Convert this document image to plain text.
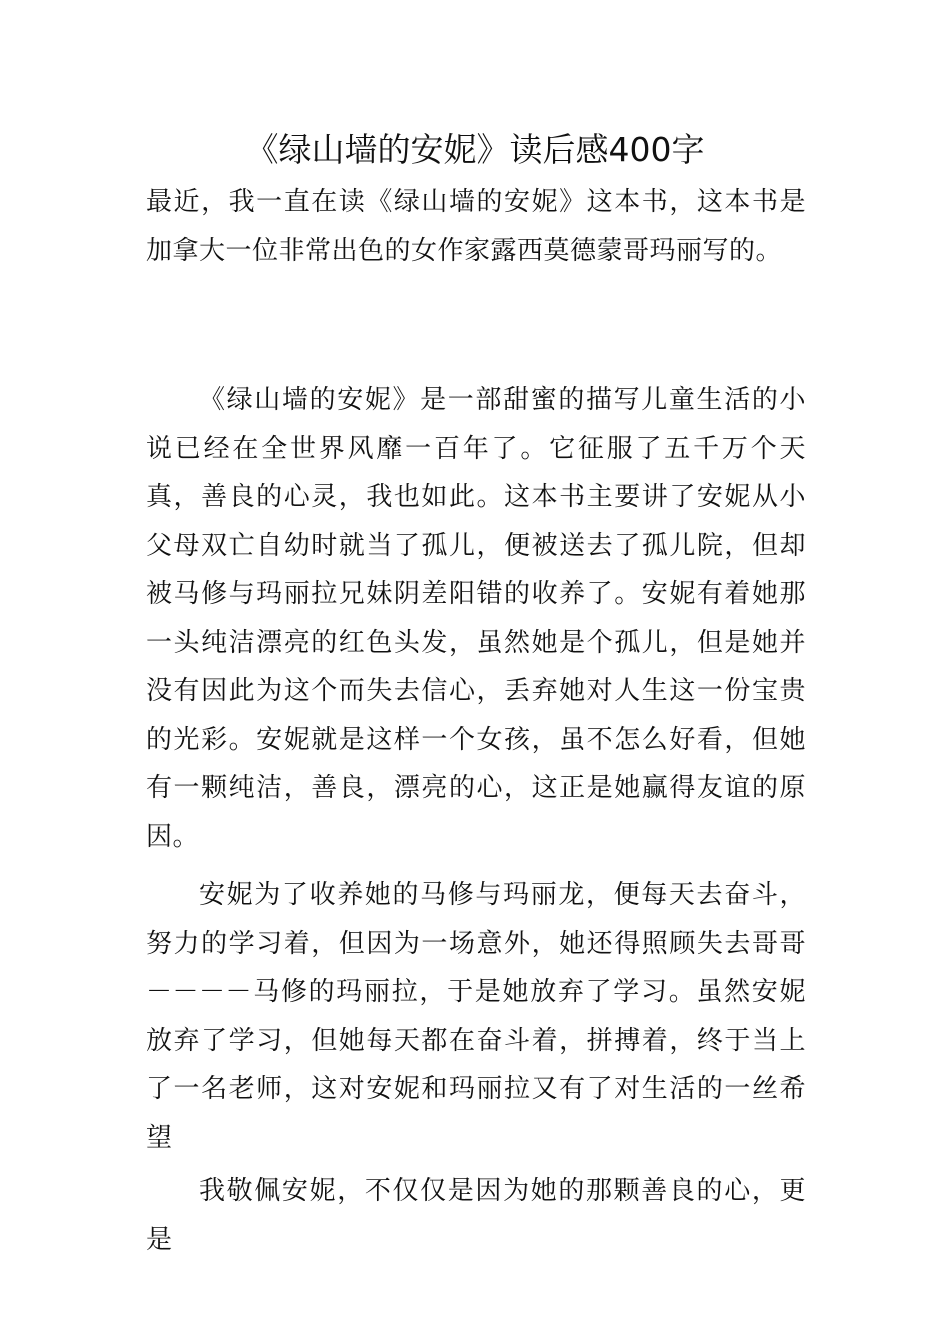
《绿山墙的安妮》读后感400字

最近，我一直在读《绿山墙的安妮》这本书，这本书是加拿大一位非常出色的女作家露西莫德蒙哥玛丽写的。

《绿山墙的安妮》是一部甜蜜的描写儿童生活的小说已经在全世界风靡一百年了。它征服了五千万个天真，善良的心灵，我也如此。这本书主要讲了安妮从小父母双亡自幼时就当了孤儿，便被送去了孤儿院，但却被马修与玛丽拉兄妹阴差阳错的收养了。安妮有着她那一头纯洁漂亮的红色头发，虽然她是个孤儿，但是她并没有因此为这个而失去信心，丢弃她对人生这一份宝贵的光彩。安妮就是这样一个女孩，虽不怎么好看，但她有一颗纯洁，善良，漂亮的心，这正是她赢得友谊的原因。

安妮为了收养她的马修与玛丽龙，便每天去奋斗，努力的学习着，但因为一场意外，她还得照顾失去哥哥－－－－马修的玛丽拉，于是她放弃了学习。虽然安妮放弃了学习，但她每天都在奋斗着，拼搏着，终于当上了一名老师，这对安妮和玛丽拉又有了对生活的一丝希望

我敬佩安妮，不仅仅是因为她的那颗善良的心，更是
